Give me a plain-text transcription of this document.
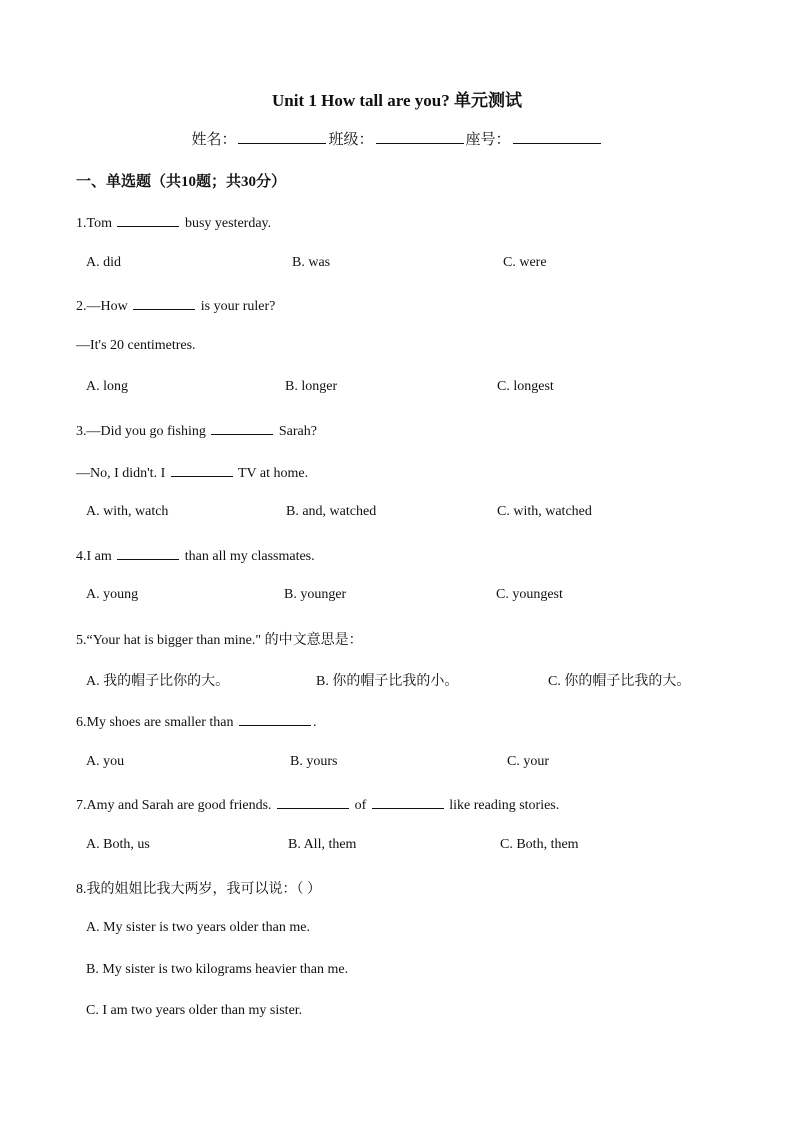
Unit 1 How tall are you? 单元测试
姓名：	班级：	座号：
一、单选题（共10题；共30分）
1.Tom	busy yesterday.
A. did	B. was	C. were
2.—How	is your ruler?
—It's 20 centimetres.
A. long	B. longer	C. longest
3.—Did you go fishing	Sarah?
—No, I didn't. I	TV at home.
A. with, watch	B. and, watched	C. with, watched
4.I am	than all my classmates.
A. young	B. younger	C. youngest
5.“Your hat is bigger than mine." 的中文意思是：
A. 我的帽子比你的大。	B. 你的帽子比我的小。	C. 你的帽子比我的大。
6.My shoes are smaller than	.
A. you	B. yours	C. your
7.Amy and Sarah are good friends.	of	like reading stories.
A. Both, us	B. All, them	C. Both, them
8.我的姐姐比我大两岁，我可以说：（ ）
A. My sister is two years older than me.
B. My sister is two kilograms heavier than me.
C. I am two years older than my sister.
